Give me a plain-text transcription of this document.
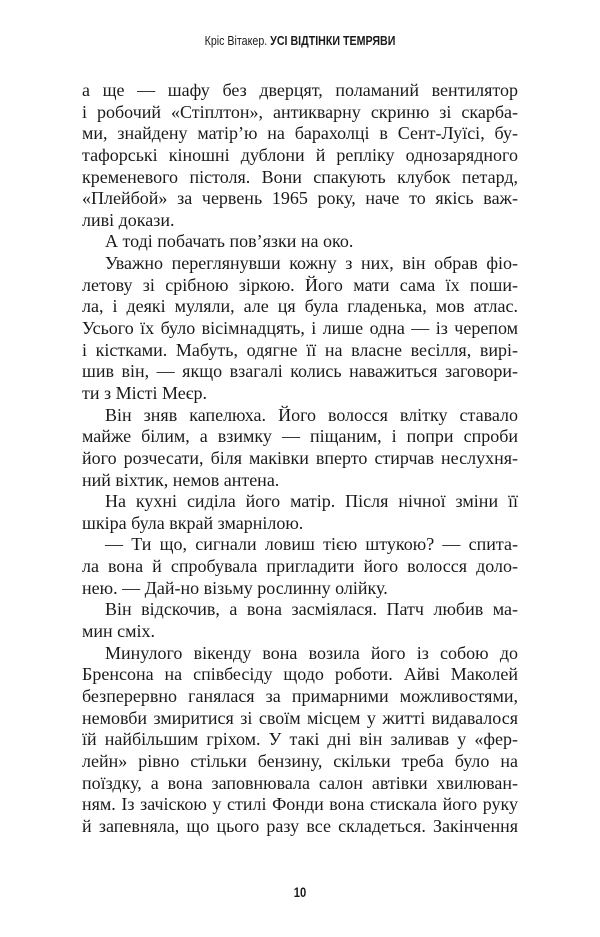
Кріс Вітакер. УСІ ВІДТІНКИ ТЕМРЯВИ
а ще — шафу без дверцят, поламаний вентилятор
і робочий «Стіплтон», антикварну скриню зі скарба-
ми, знайдену матір’ю на барахолці в Сент-Луїсі, бу-
тафорські кіношні дублони й репліку однозарядного
кременевого пістоля. Вони спакують клубок петард,
«Плейбой» за червень 1965 року, наче то якісь важ-
ливі докази.
А тоді побачать пов’язки на око.
Уважно переглянувши кожну з них, він обрав фіо-
летову зі срібною зіркою. Його мати сама їх поши-
ла, і деякі муляли, але ця була гладенька, мов атлас.
Усього їх було вісімнадцять, і лише одна — із черепом
і кістками. Мабуть, одягне її на власне весілля, вирі-
шив він, — якщо взагалі колись наважиться заговори-
ти з Місті Меєр.
Він зняв капелюха. Його волосся влітку ставало
майже білим, а взимку — піщаним, і попри спроби
його розчесати, біля маківки вперто стирчав неслухня-
ний віхтик, немов антена.
На кухні сиділа його матір. Після нічної зміни її
шкіра була вкрай змарнілою.
— Ти що, сигнали ловиш тією штукою? — спита-
ла вона й спробувала пригладити його волосся доло-
нею. — Дай-но візьму рослинну олійку.
Він відскочив, а вона засміялася. Патч любив ма-
мин сміх.
Минулого вікенду вона возила його із собою до
Бренсона на співбесіду щодо роботи. Айві Маколей
безперервно ганялася за примарними можливостями,
немовби змиритися зі своїм місцем у житті видавалося
їй найбільшим гріхом. У такі дні він заливав у «фер-
лейн» рівно стільки бензину, скільки треба було на
поїздку, а вона заповнювала салон автівки хвилюван-
ням. Із зачіскою у стилі Фонди вона стискала його руку
й запевняла, що цього разу все складеться. Закінчення
10
